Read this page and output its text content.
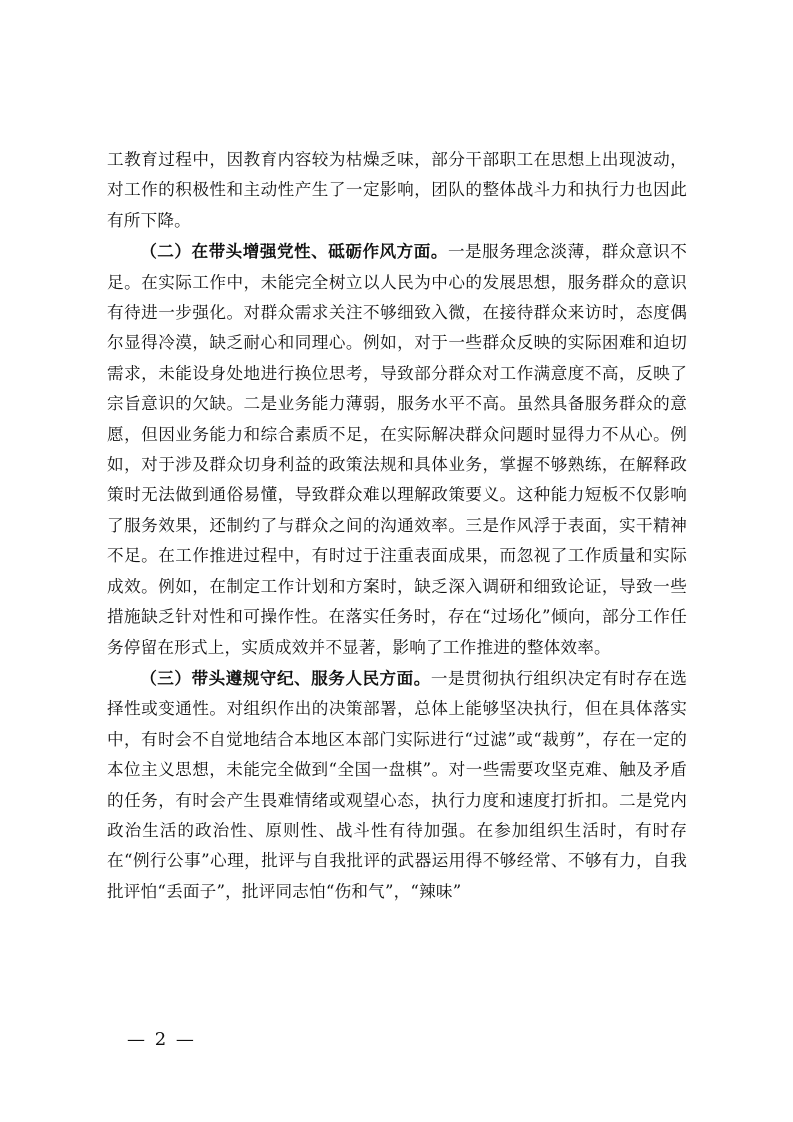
工教育过程中，因教育内容较为枯燥乏味，部分干部职工在思想上出现波动，对工作的积极性和主动性产生了一定影响，团队的整体战斗力和执行力也因此有所下降。

（二）在带头增强党性、砥砺作风方面。一是服务理念淡薄，群众意识不足。在实际工作中，未能完全树立以人民为中心的发展思想，服务群众的意识有待进一步强化。对群众需求关注不够细致入微，在接待群众来访时，态度偶尔显得冷漠，缺乏耐心和同理心。例如，对于一些群众反映的实际困难和迫切需求，未能设身处地进行换位思考，导致部分群众对工作满意度不高，反映了宗旨意识的欠缺。二是业务能力薄弱，服务水平不高。虽然具备服务群众的意愿，但因业务能力和综合素质不足，在实际解决群众问题时显得力不从心。例如，对于涉及群众切身利益的政策法规和具体业务，掌握不够熟练，在解释政策时无法做到通俗易懂，导致群众难以理解政策要义。这种能力短板不仅影响了服务效果，还制约了与群众之间的沟通效率。三是作风浮于表面，实干精神不足。在工作推进过程中，有时过于注重表面成果，而忽视了工作质量和实际成效。例如，在制定工作计划和方案时，缺乏深入调研和细致论证，导致一些措施缺乏针对性和可操作性。在落实任务时，存在“过场化”倾向，部分工作任务停留在形式上，实质成效并不显著，影响了工作推进的整体效率。

（三）带头遵规守纪、服务人民方面。一是贯彻执行组织决定有时存在选择性或变通性。对组织作出的决策部署，总体上能够坚决执行，但在具体落实中，有时会不自觉地结合本地区本部门实际进行“过滤”或“裁剪”，存在一定的本位主义思想，未能完全做到“全国一盘棋”。对一些需要攻坚克难、触及矛盾的任务，有时会产生畏难情绪或观望心态，执行力度和速度打折扣。二是党内政治生活的政治性、原则性、战斗性有待加强。在参加组织生活时，有时存在“例行公事”心理，批评与自我批评的武器运用得不够经常、不够有力，自我批评怕“丢面子”，批评同志怕“伤和气”，“辣味”

— 2 —
